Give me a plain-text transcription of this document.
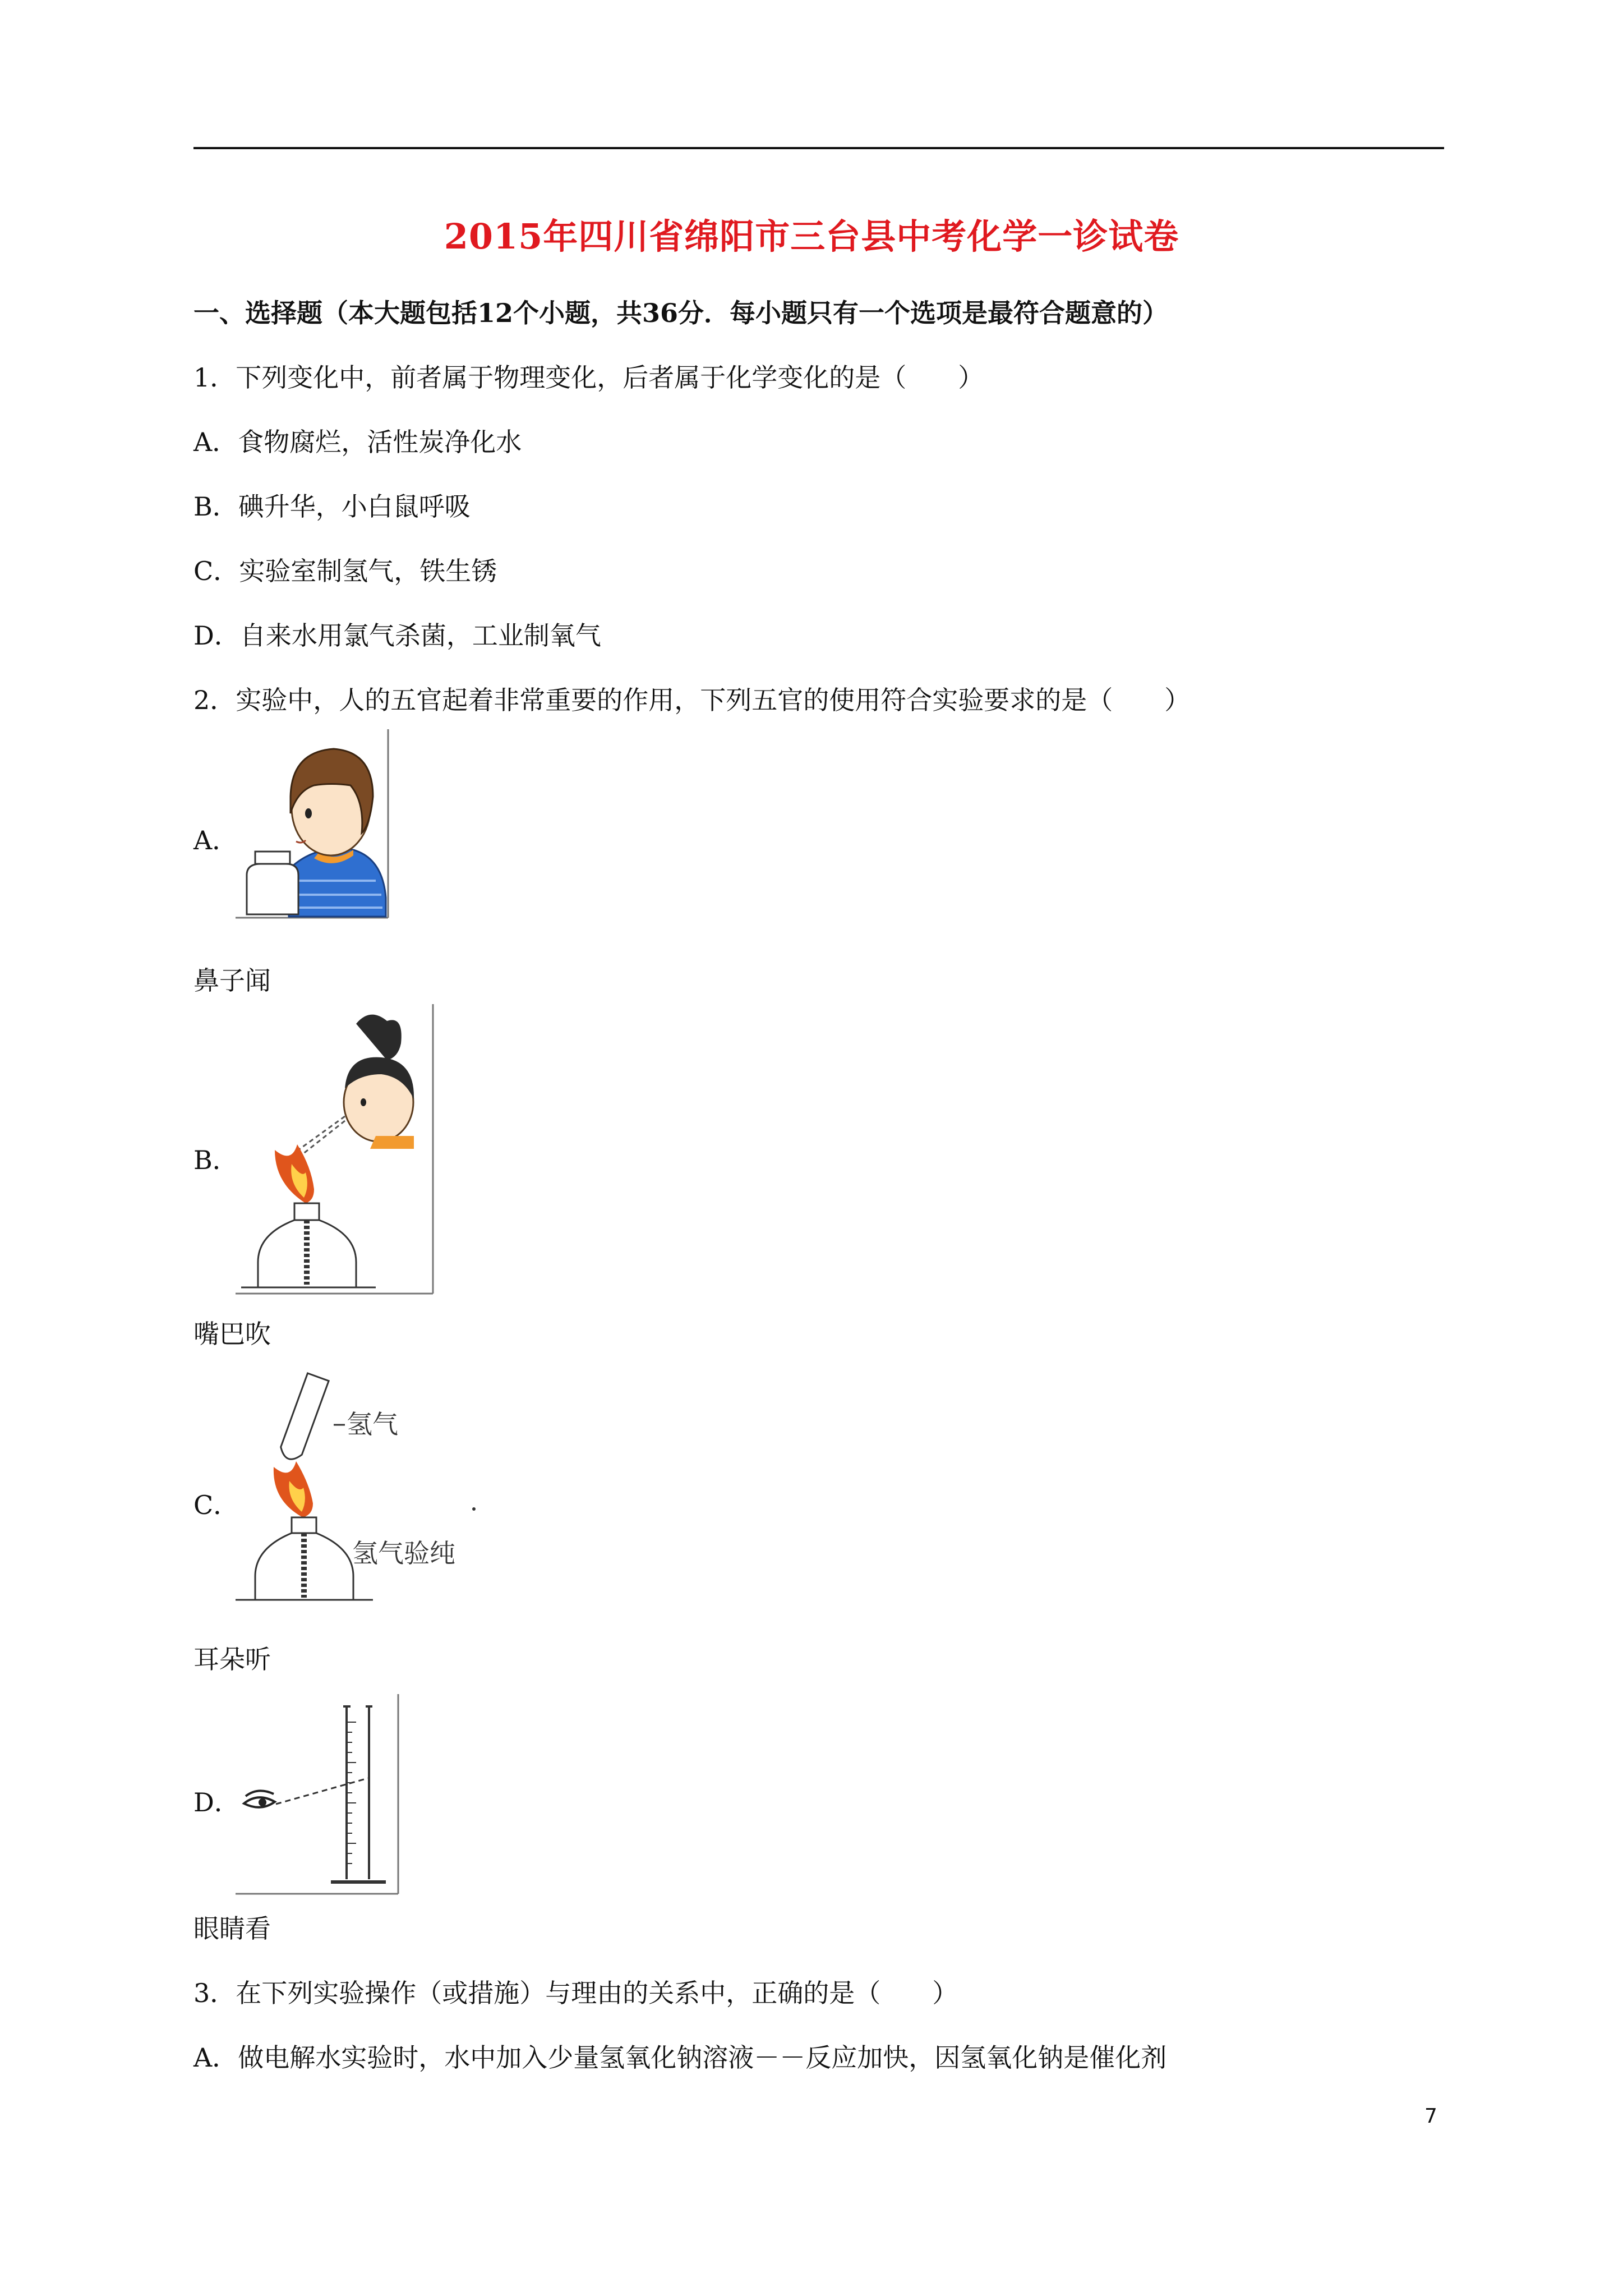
2015年四川省绵阳市三台县中考化学一诊试卷
一、选择题（本大题包括12个小题，共36分．每小题只有一个选项是最符合题意的）
1．下列变化中，前者属于物理变化，后者属于化学变化的是（　　）
A．食物腐烂，活性炭净化水
B．碘升华，小白鼠呼吸
C．实验室制氢气，铁生锈
D．自来水用氯气杀菌，工业制氧气
2．实验中，人的五官起着非常重要的作用，下列五官的使用符合实验要求的是（　　）
A．
鼻子闻
B．
嘴巴吹
C．
氢气
氢气验纯
耳朵听
D．
眼睛看
3．在下列实验操作（或措施）与理由的关系中，正确的是（　　）
A．做电解水实验时，水中加入少量氢氧化钠溶液－－反应加快，因氢氧化钠是催化剂
7
